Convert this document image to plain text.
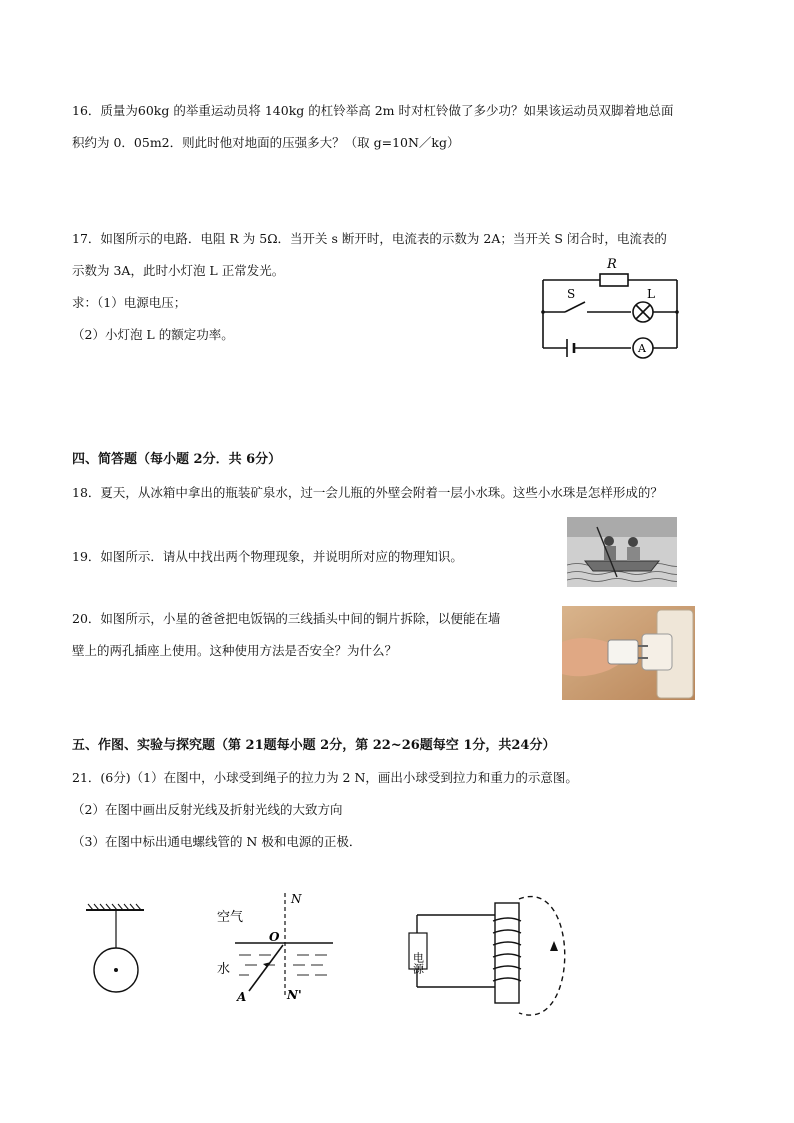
16．质量为60kg 的举重运动员将 140kg 的杠铃举高 2m 时对杠铃做了多少功？如果该运动员双脚着地总面
积约为 0．05m2．则此时他对地面的压强多大？（取 g=10N／kg）
17．如图所示的电路．电阻 R 为 5Ω．当开关 s 断开时，电流表的示数为 2A；当开关 S 闭合时，电流表的
示数为 3A，此时小灯泡 L 正常发光。
求：（1）电源电压；
（2）小灯泡 L 的额定功率。
R
S	L
A
四、简答题（每小题 2分．共 6分）
18．夏天，从冰箱中拿出的瓶装矿泉水，过一会儿瓶的外壁会附着一层小水珠。这些小水珠是怎样形成的？
19．如图所示．请从中找出两个物理现象，并说明所对应的物理知识。
20．如图所示，小星的爸爸把电饭锅的三线插头中间的铜片拆除，以便能在墙
壁上的两孔插座上使用。这种使用方法是否安全？为什么？
五、作图、实验与探究题（第 21题每小题 2分，第 22~26题每空 1分，共24分）
21．(6分)（1）在图中，小球受到绳子的拉力为 2 N，画出小球受到拉力和重力的示意图。
（2）在图中画出反射光线及折射光线的大致方向
（3）在图中标出通电螺线管的 N 极和电源的正极．
空气
N
O
水
A	N'
电源
